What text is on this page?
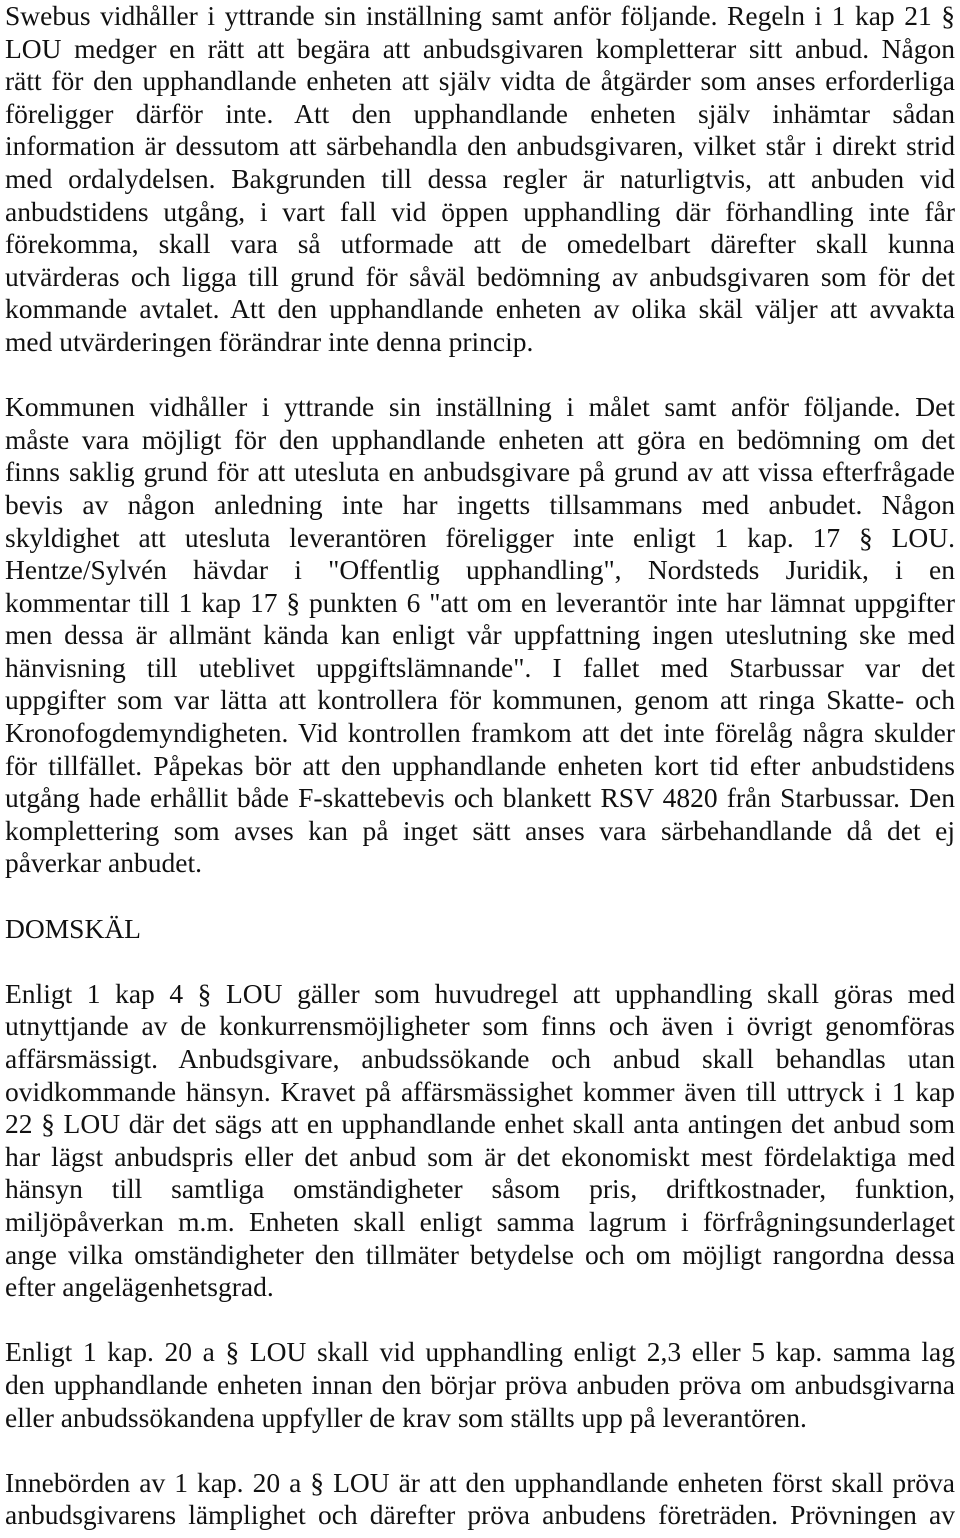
Swebus vidhåller i yttrande sin inställning samt anför följande. Regeln i 1 kap 21 §
LOU medger en rätt att begära att anbudsgivaren kompletterar sitt anbud. Någon
rätt för den upphandlande enheten att själv vidta de åtgärder som anses erforderliga
föreligger därför inte. Att den upphandlande enheten själv inhämtar sådan
information är dessutom att särbehandla den anbudsgivaren, vilket står i direkt strid
med ordalydelsen. Bakgrunden till dessa regler är naturligtvis, att anbuden vid
anbudstidens utgång, i vart fall vid öppen upphandling där förhandling inte får
förekomma, skall vara så utformade att de omedelbart därefter skall kunna
utvärderas och ligga till grund för såväl bedömning av anbudsgivaren som för det
kommande avtalet. Att den upphandlande enheten av olika skäl väljer att avvakta
med utvärderingen förändrar inte denna princip.
Kommunen vidhåller i yttrande sin inställning i målet samt anför följande. Det
måste vara möjligt för den upphandlande enheten att göra en bedömning om det
finns saklig grund för att utesluta en anbudsgivare på grund av att vissa efterfrågade
bevis av någon anledning inte har ingetts tillsammans med anbudet. Någon
skyldighet att utesluta leverantören föreligger inte enligt 1 kap. 17 § LOU.
Hentze/Sylvén hävdar i "Offentlig upphandling", Nordsteds Juridik, i en
kommentar till 1 kap 17 § punkten 6 "att om en leverantör inte har lämnat uppgifter
men dessa är allmänt kända kan enligt vår uppfattning ingen uteslutning ske med
hänvisning till uteblivet uppgiftslämnande". I fallet med Starbussar var det
uppgifter som var lätta att kontrollera för kommunen, genom att ringa Skatte- och
Kronofogdemyndigheten. Vid kontrollen framkom att det inte förelåg några skulder
för tillfället. Påpekas bör att den upphandlande enheten kort tid efter anbudstidens
utgång hade erhållit både F-skattebevis och blankett RSV 4820 från Starbussar. Den
komplettering som avses kan på inget sätt anses vara särbehandlande då det ej
påverkar anbudet.
DOMSKÄL
Enligt 1 kap 4 § LOU gäller som huvudregel att upphandling skall göras med
utnyttjande av de konkurrensmöjligheter som finns och även i övrigt genomföras
affärsmässigt. Anbudsgivare, anbudssökande och anbud skall behandlas utan
ovidkommande hänsyn. Kravet på affärsmässighet kommer även till uttryck i 1 kap
22 § LOU där det sägs att en upphandlande enhet skall anta antingen det anbud som
har lägst anbudspris eller det anbud som är det ekonomiskt mest fördelaktiga med
hänsyn till samtliga omständigheter såsom pris, driftkostnader, funktion,
miljöpåverkan m.m. Enheten skall enligt samma lagrum i förfrågningsunderlaget
ange vilka omständigheter den tillmäter betydelse och om möjligt rangordna dessa
efter angelägenhetsgrad.
Enligt 1 kap. 20 a § LOU skall vid upphandling enligt 2,3 eller 5 kap. samma lag
den upphandlande enheten innan den börjar pröva anbuden pröva om anbudsgivarna
eller anbudssökandena uppfyller de krav som ställts upp på leverantören.
Innebörden av 1 kap. 20 a § LOU är att den upphandlande enheten först skall pröva
anbudsgivarens lämplighet och därefter pröva anbudens företräden. Prövningen av
